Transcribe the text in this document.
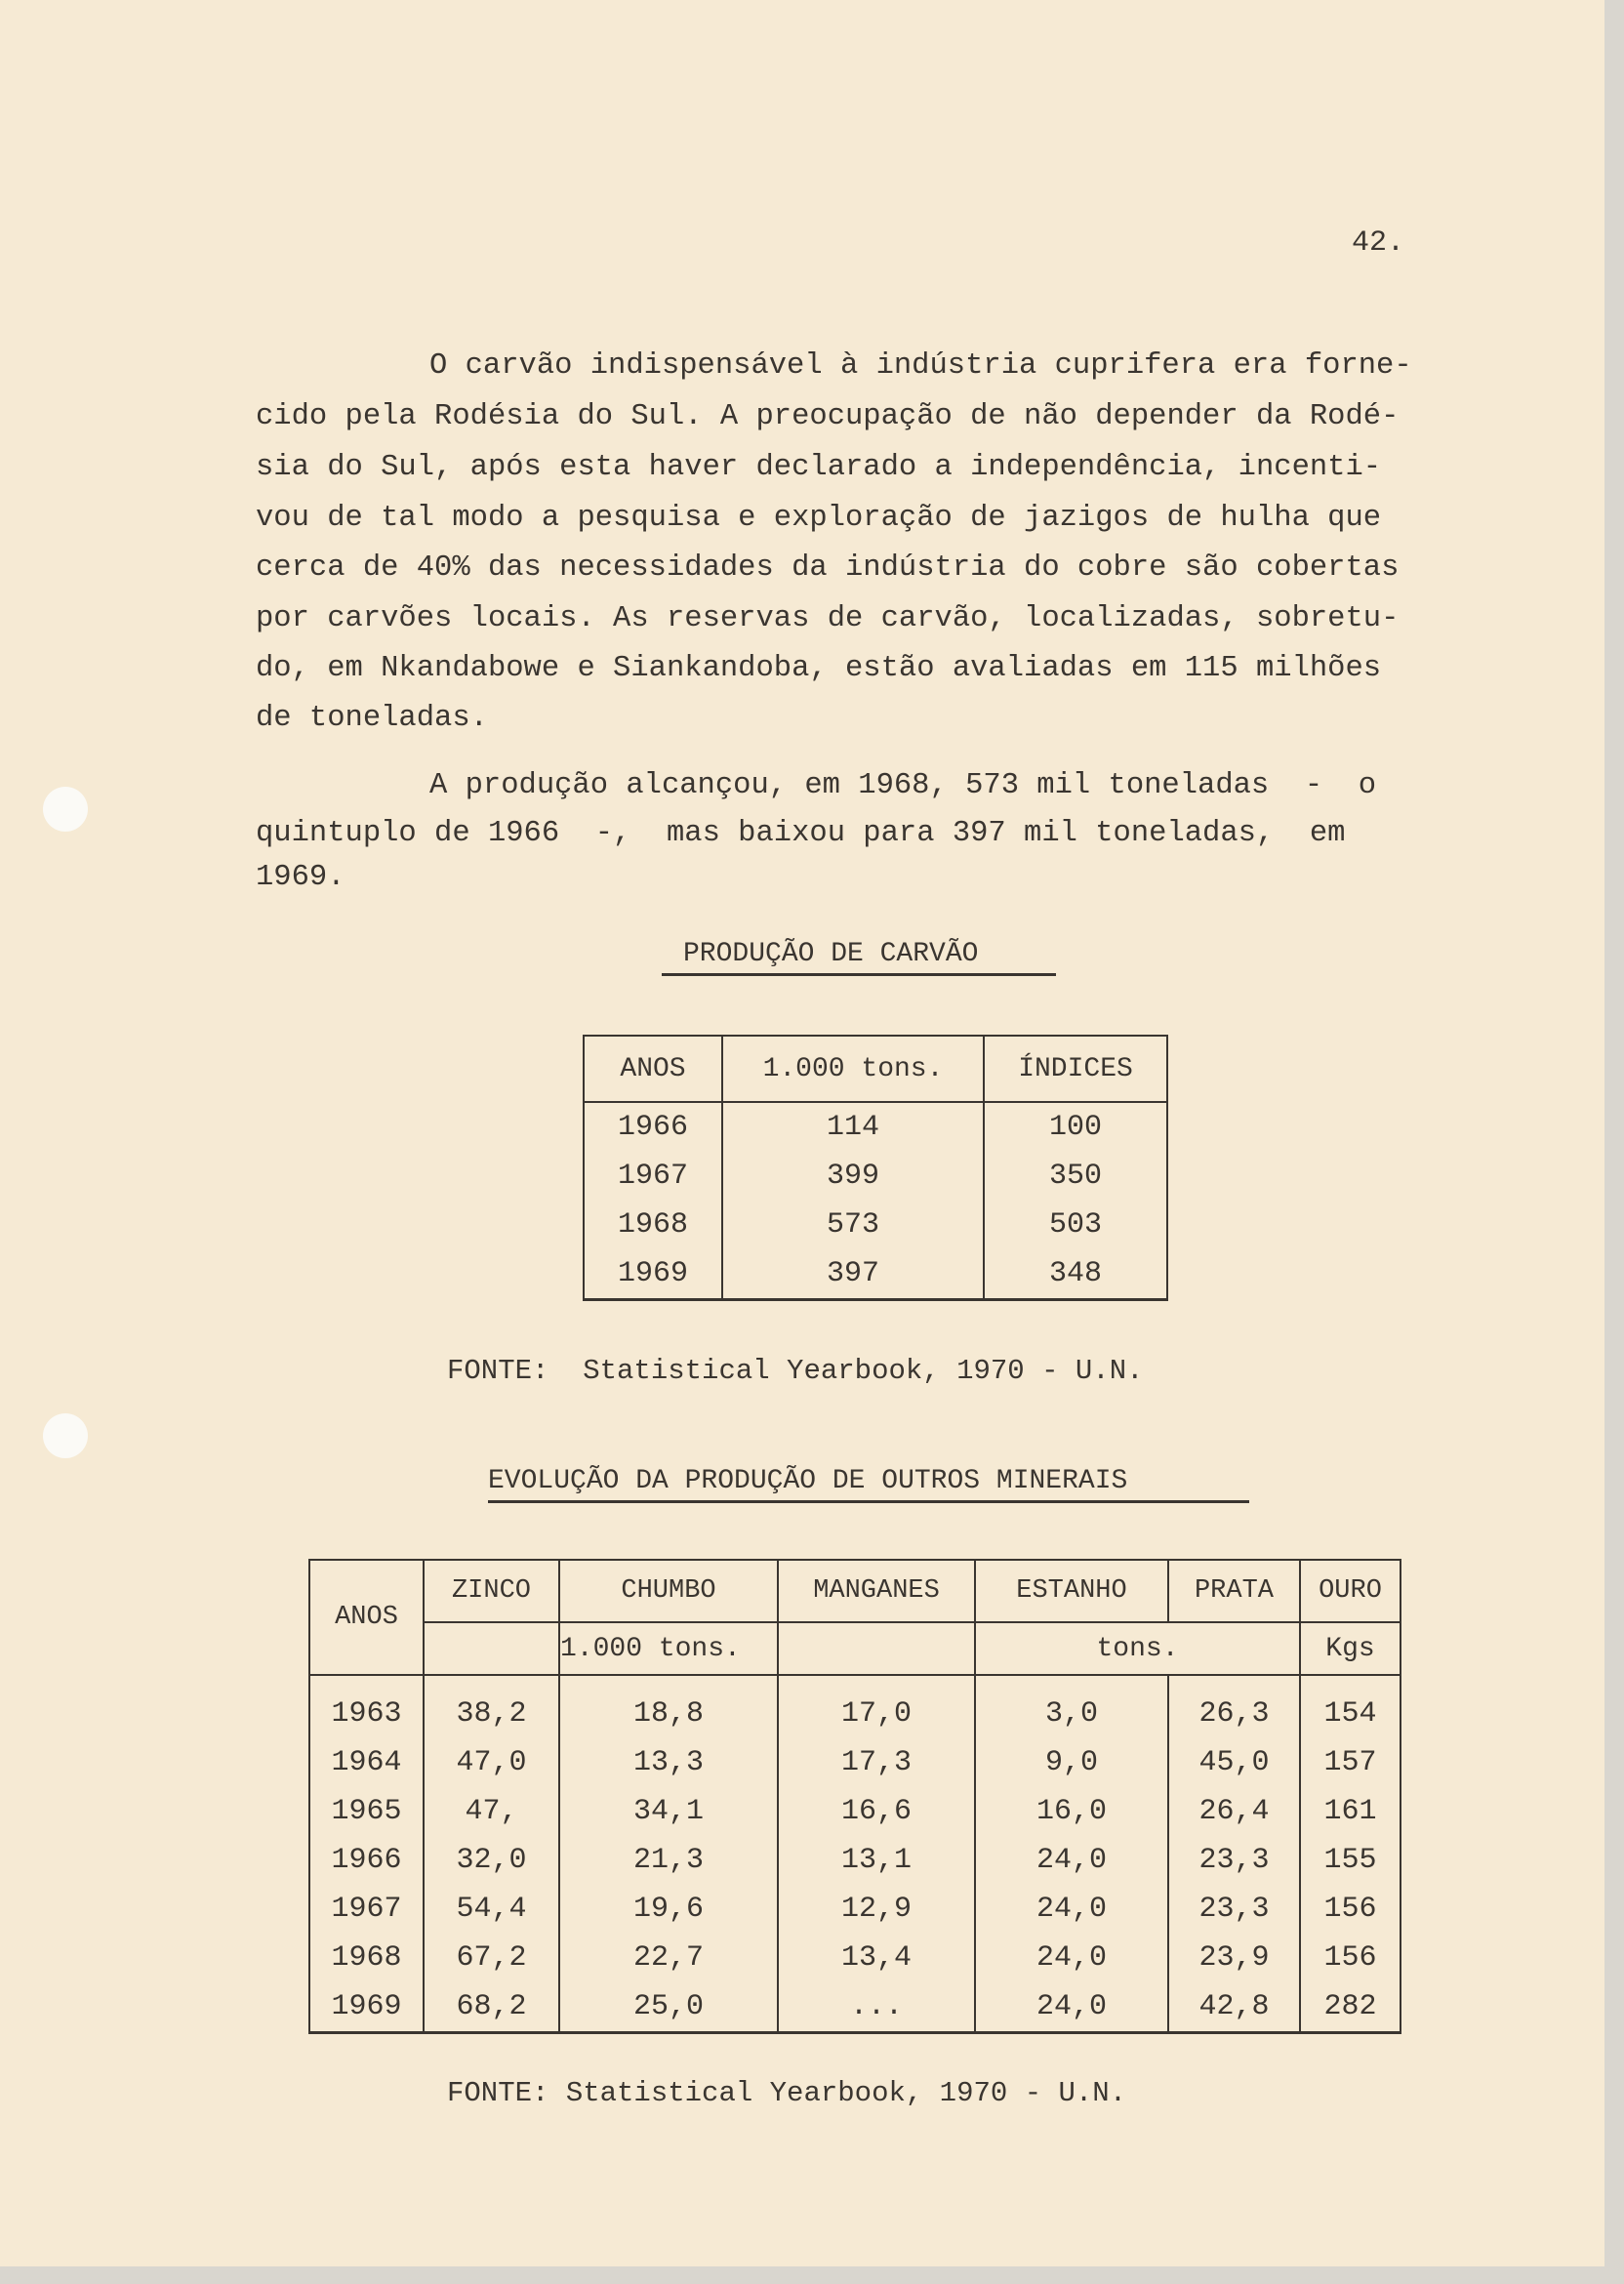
42.
O carvão indispensável à indústria cuprifera era forne-
cido pela Rodésia do Sul. A preocupação de não depender da Rodé-
sia do Sul, após esta haver declarado a independência, incenti-
vou de tal modo a pesquisa e exploração de jazigos de hulha que
cerca de 40% das necessidades da indústria do cobre são cobertas
por carvões locais. As reservas de carvão, localizadas, sobretu-
do, em Nkandabowe e Siankandoba, estão avaliadas em 115 milhões
de toneladas.
A produção alcançou, em 1968, 573 mil toneladas  -  o
quintuplo de 1966  -,  mas baixou para 397 mil toneladas,  em
1969.
PRODUÇÃO DE CARVÃO
ANOS	1.000 tons.	ÍNDICES
1966	114	100
1967	399	350
1968	573	503
1969	397	348
FONTE:  Statistical Yearbook, 1970 - U.N.
EVOLUÇÃO DA PRODUÇÃO DE OUTROS MINERAIS
ANOS	ZINCO	CHUMBO	MANGANES	ESTANHO	PRATA	OURO
		1.000 tons.		tons.		Kgs
1963	38,2	18,8	17,0	3,0	26,3	154
1964	47,0	13,3	17,3	9,0	45,0	157
1965	47,	34,1	16,6	16,0	26,4	161
1966	32,0	21,3	13,1	24,0	23,3	155
1967	54,4	19,6	12,9	24,0	23,3	156
1968	67,2	22,7	13,4	24,0	23,9	156
1969	68,2	25,0	...	24,0	42,8	282
FONTE: Statistical Yearbook, 1970 - U.N.
